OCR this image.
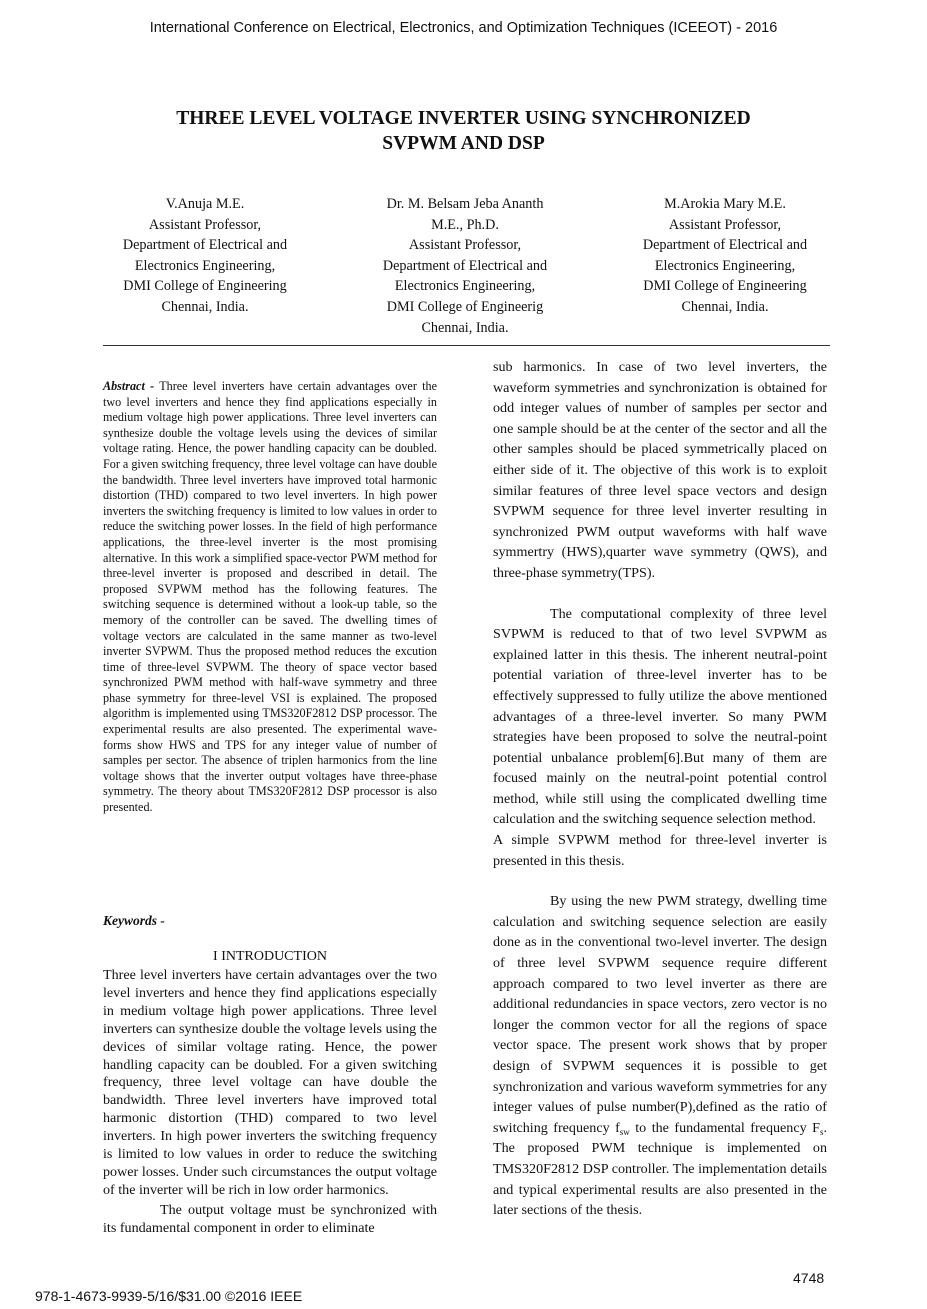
International Conference on Electrical, Electronics, and Optimization Techniques (ICEEOT) - 2016
THREE LEVEL VOLTAGE INVERTER USING SYNCHRONIZED
SVPWM AND DSP
V.Anuja M.E.
Assistant Professor,
Department of Electrical and
Electronics Engineering,
DMI College of Engineering
Chennai, India.
Dr. M. Belsam Jeba Ananth
M.E., Ph.D.
Assistant Professor,
Department of Electrical and
Electronics Engineering,
DMI College of Engineerig
Chennai, India.
M.Arokia Mary M.E.
Assistant Professor,
Department of Electrical and
Electronics Engineering,
DMI College of Engineering
Chennai, India.
Abstract - Three level inverters have certain advantages over the two level inverters and hence they find applications especially in medium voltage high power applications. Three level inverters can synthesize double the voltage levels using the devices of similar voltage rating. Hence, the power handling capacity can be doubled. For a given switching frequency, three level voltage can have double the bandwidth. Three level inverters have improved total harmonic distortion (THD) compared to two level inverters. In high power inverters the switching frequency is limited to low values in order to reduce the switching power losses. In the field of high performance applications, the three-level inverter is the most promising alternative. In this work a simplified space-vector PWM method for three-level inverter is proposed and described in detail. The proposed SVPWM method has the following features. The switching sequence is determined without a look-up table, so the memory of the controller can be saved. The dwelling times of voltage vectors are calculated in the same manner as two-level inverter SVPWM. Thus the proposed method reduces the excution time of three-level SVPWM. The theory of space vector based synchronized PWM method with half-wave symmetry and three phase symmetry for three-level VSI is explained. The proposed algorithm is implemented using TMS320F2812 DSP processor. The experimental results are also presented. The experimental wave-forms show HWS and TPS for any integer value of number of samples per sector. The absence of triplen harmonics from the line voltage shows that the inverter output voltages have three-phase symmetry. The theory about TMS320F2812 DSP processor is also presented.
Keywords -
I INTRODUCTION

Three level inverters have certain advantages over the two level inverters and hence they find applications especially in medium voltage high power applications. Three level inverters can synthesize double the voltage levels using the devices of similar voltage rating. Hence, the power handling capacity can be doubled. For a given switching frequency, three level voltage can have double the bandwidth. Three level inverters have improved total harmonic distortion (THD) compared to two level inverters. In high power inverters the switching frequency is limited to low values in order to reduce the switching power losses. Under such circumstances the output voltage of the inverter will be rich in low order harmonics.

The output voltage must be synchronized with its fundamental component in order to eliminate

sub harmonics. In case of two level inverters, the waveform symmetries and synchronization is obtained for odd integer values of number of samples per sector and one sample should be at the center of the sector and all the other samples should be placed symmetrically placed on either side of it. The objective of this work is to exploit similar features of three level space vectors and design SVPWM sequence for three level inverter resulting in synchronized PWM output waveforms with half wave symmertry (HWS),quarter wave symmetry (QWS), and three-phase symmetry(TPS).

The computational complexity of three level SVPWM is reduced to that of two level SVPWM as explained latter in this thesis. The inherent neutral-point potential variation of three-level inverter has to be effectively suppressed to fully utilize the above mentioned advantages of a three-level inverter. So many PWM strategies have been proposed to solve the neutral-point potential unbalance problem[6].But many of them are focused mainly on the neutral-point potential control method, while still using the complicated dwelling time calculation and the switching sequence selection method.

A simple SVPWM method for three-level inverter is presented in this thesis.

By using the new PWM strategy, dwelling time calculation and switching sequence selection are easily done as in the conventional two-level inverter. The design of three level SVPWM sequence require different approach compared to two level inverter as there are additional redundancies in space vectors, zero vector is no longer the common vector for all the regions of space vector space. The present work shows that by proper design of SVPWM sequences it is possible to get synchronization and various waveform symmetries for any integer values of pulse number(P),defined as the ratio of switching frequency $f_{sw}$ to the fundamental frequency $F_s$. The proposed PWM technique is implemented on TMS320F2812 DSP controller. The implementation details and typical experimental results are also presented in the later sections of the thesis.

978-1-4673-9939-5/16/$31.00 ©2016 IEEE
4748
